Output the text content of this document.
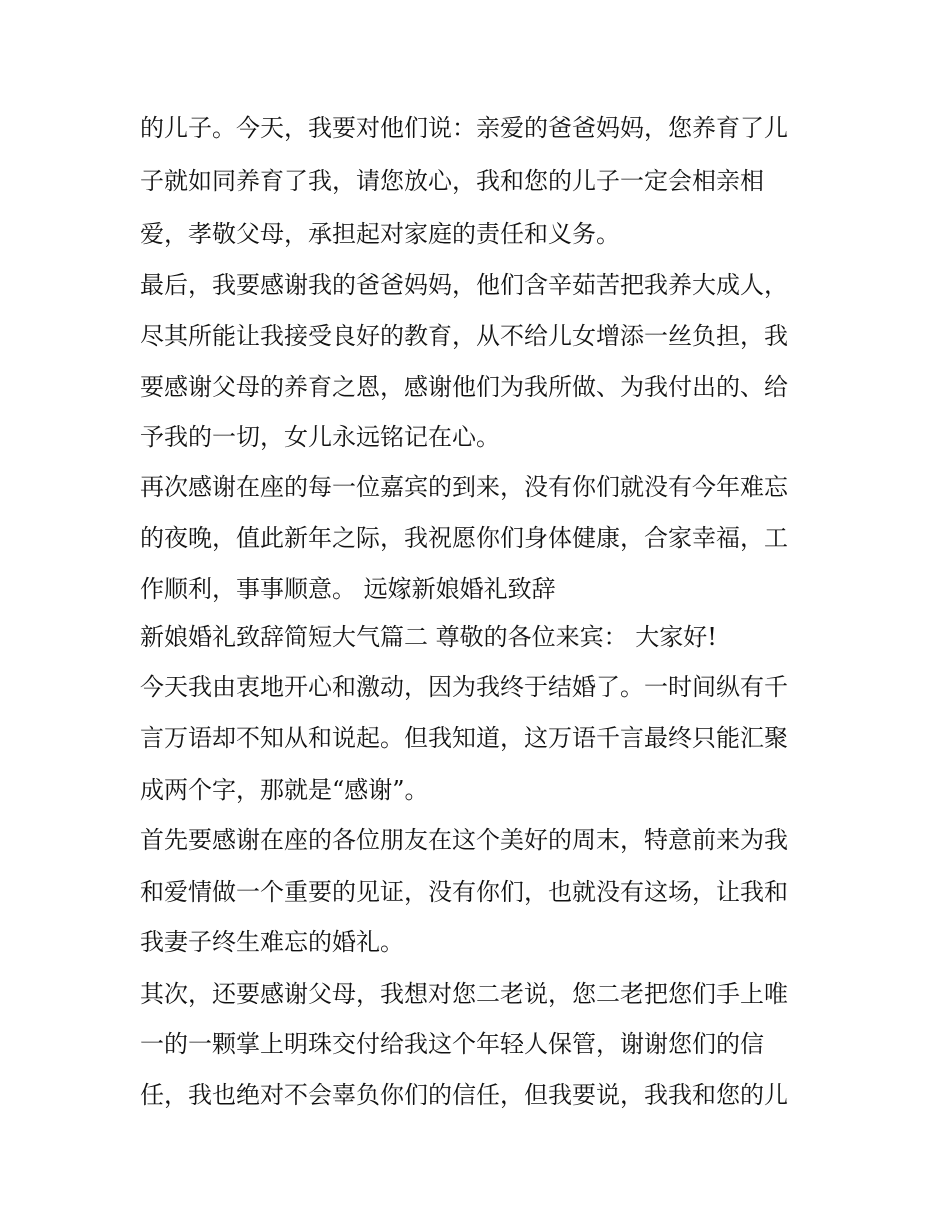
的儿子。今天，我要对他们说：亲爱的爸爸妈妈，您养育了儿
子就如同养育了我，请您放心，我和您的儿子一定会相亲相
爱，孝敬父母，承担起对家庭的责任和义务。
最后，我要感谢我的爸爸妈妈，他们含辛茹苦把我养大成人，
尽其所能让我接受良好的教育，从不给儿女增添一丝负担，我
要感谢父母的养育之恩，感谢他们为我所做、为我付出的、给
予我的一切，女儿永远铭记在心。
再次感谢在座的每一位嘉宾的到来，没有你们就没有今年难忘
的夜晚，值此新年之际，我祝愿你们身体健康，合家幸福，工
作顺利，事事顺意。 远嫁新娘婚礼致辞
新娘婚礼致辞简短大气篇二 尊敬的各位来宾： 大家好!
今天我由衷地开心和激动，因为我终于结婚了。一时间纵有千
言万语却不知从和说起。但我知道，这万语千言最终只能汇聚
成两个字，那就是“感谢”。
首先要感谢在座的各位朋友在这个美好的周末，特意前来为我
和爱情做一个重要的见证，没有你们，也就没有这场，让我和
我妻子终生难忘的婚礼。
其次，还要感谢父母，我想对您二老说，您二老把您们手上唯
一的一颗掌上明珠交付给我这个年轻人保管，谢谢您们的信
任，我也绝对不会辜负你们的信任，但我要说，我我和您的儿
